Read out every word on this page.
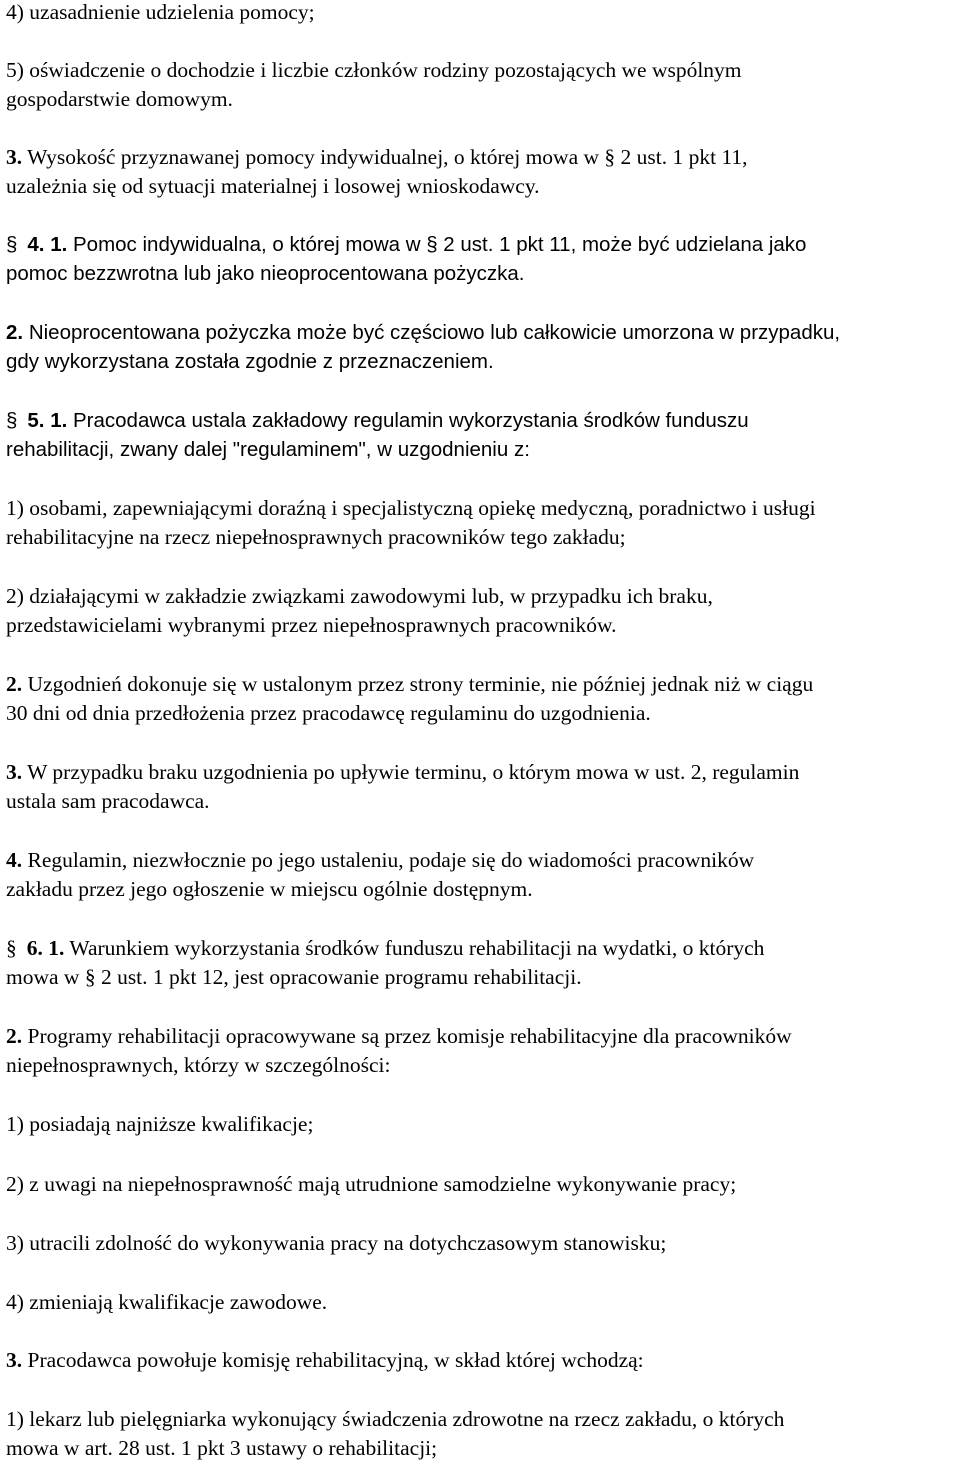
4) uzasadnienie udzielenia pomocy;

5) oświadczenie o dochodzie i liczbie członków rodziny pozostających we wspólnym
gospodarstwie domowym.

3. Wysokość przyznawanej pomocy indywidualnej, o której mowa w § 2 ust. 1 pkt 11,
uzależnia się od sytuacji materialnej i losowej wnioskodawcy.

§ 4. 1. Pomoc indywidualna, o której mowa w § 2 ust. 1 pkt 11, może być udzielana jako
pomoc bezzwrotna lub jako nieoprocentowana pożyczka.

2. Nieoprocentowana pożyczka może być częściowo lub całkowicie umorzona w przypadku,
gdy wykorzystana została zgodnie z przeznaczeniem.

§ 5. 1. Pracodawca ustala zakładowy regulamin wykorzystania środków funduszu
rehabilitacji, zwany dalej "regulaminem", w uzgodnieniu z:

1) osobami, zapewniającymi doraźną i specjalistyczną opiekę medyczną, poradnictwo i usługi
rehabilitacyjne na rzecz niepełnosprawnych pracowników tego zakładu;

2) działającymi w zakładzie związkami zawodowymi lub, w przypadku ich braku,
przedstawicielami wybranymi przez niepełnosprawnych pracowników.

2. Uzgodnień dokonuje się w ustalonym przez strony terminie, nie później jednak niż w ciągu
30 dni od dnia przedłożenia przez pracodawcę regulaminu do uzgodnienia.

3. W przypadku braku uzgodnienia po upływie terminu, o którym mowa w ust. 2, regulamin
ustala sam pracodawca.

4. Regulamin, niezwłocznie po jego ustaleniu, podaje się do wiadomości pracowników
zakładu przez jego ogłoszenie w miejscu ogólnie dostępnym.

§ 6. 1. Warunkiem wykorzystania środków funduszu rehabilitacji na wydatki, o których
mowa w § 2 ust. 1 pkt 12, jest opracowanie programu rehabilitacji.

2. Programy rehabilitacji opracowywane są przez komisje rehabilitacyjne dla pracowników
niepełnosprawnych, którzy w szczególności:

1) posiadają najniższe kwalifikacje;

2) z uwagi na niepełnosprawność mają utrudnione samodzielne wykonywanie pracy;

3) utracili zdolność do wykonywania pracy na dotychczasowym stanowisku;

4) zmieniają kwalifikacje zawodowe.

3. Pracodawca powołuje komisję rehabilitacyjną, w skład której wchodzą:

1) lekarz lub pielęgniarka wykonujący świadczenia zdrowotne na rzecz zakładu, o których
mowa w art. 28 ust. 1 pkt 3 ustawy o rehabilitacji;
